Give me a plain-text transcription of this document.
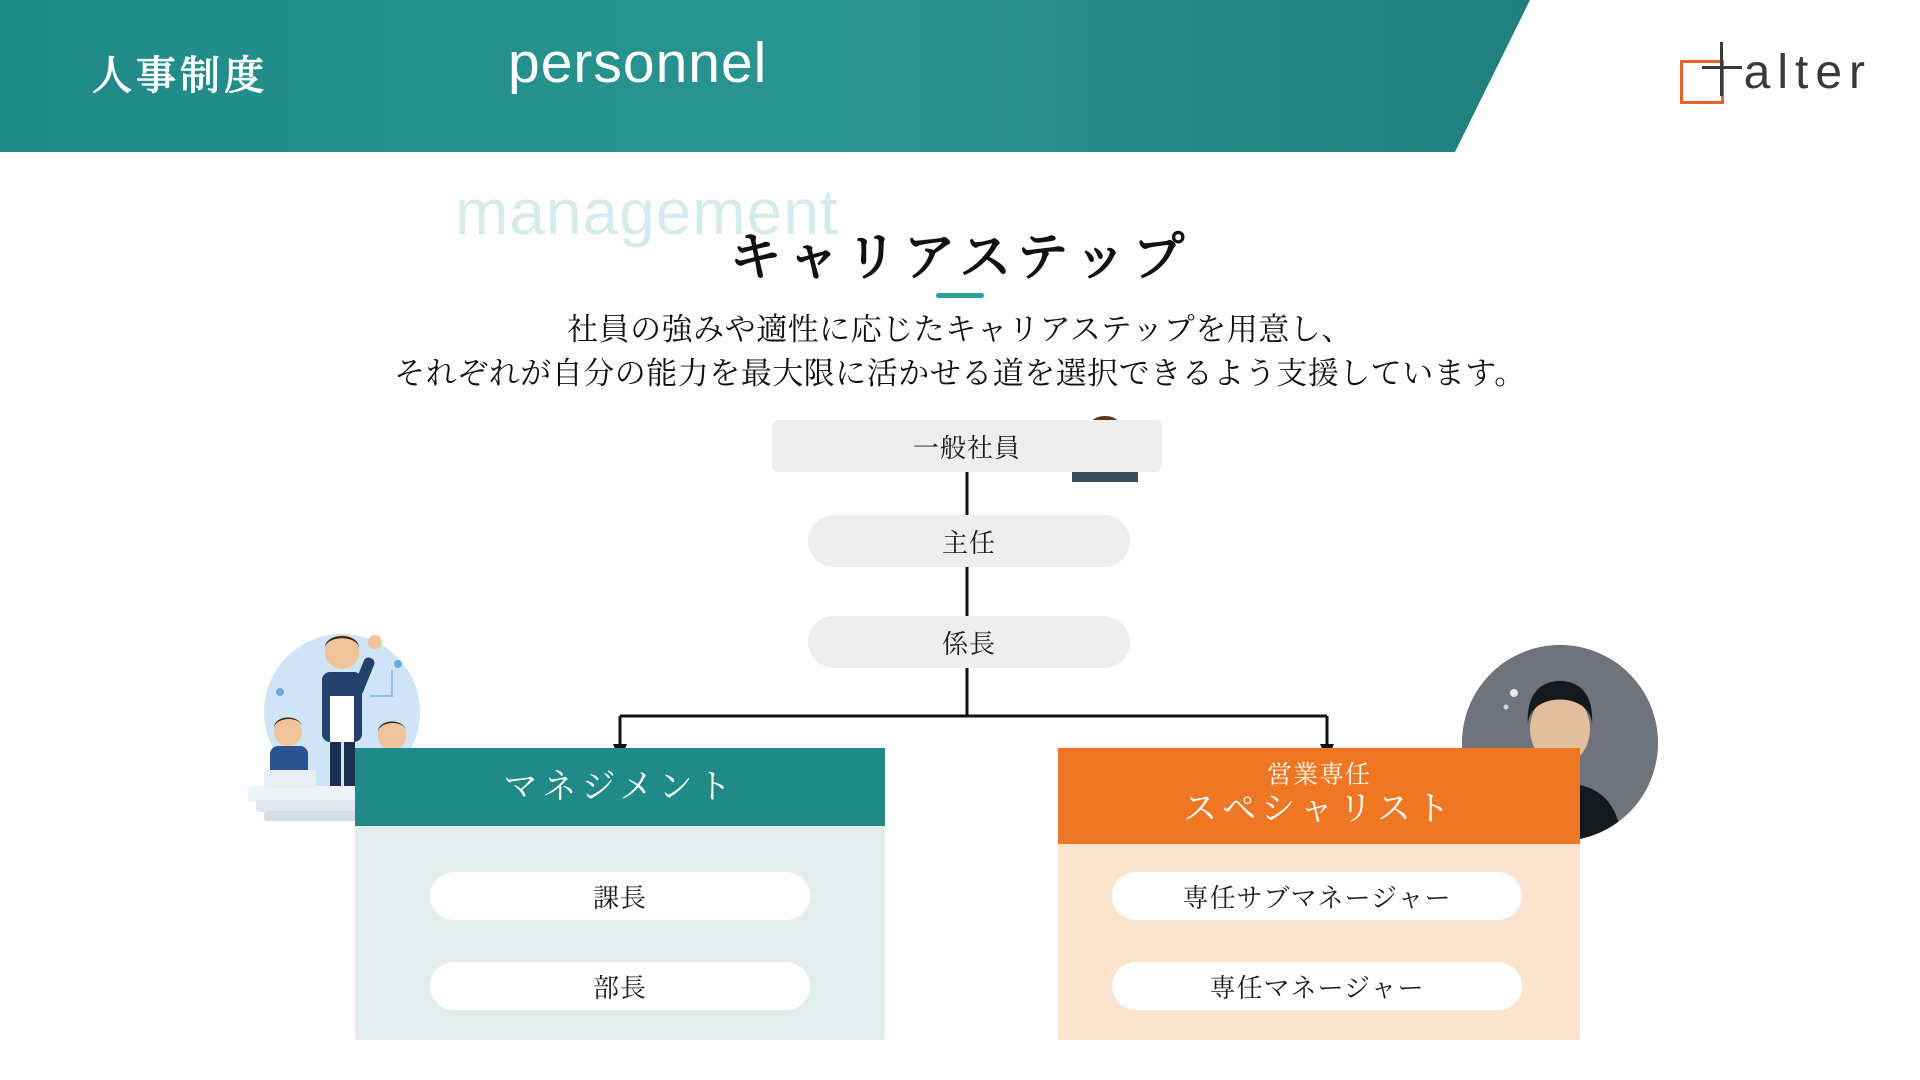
人事制度	personnel	alter
management
キャリアステップ
社員の強みや適性に応じたキャリアステップを用意し、
それぞれが自分の能力を最大限に活かせる道を選択できるよう支援しています。
一般社員
主任
係長
マネジメント
課長
部長
営業専任
スペシャリスト
専任サブマネージャー
専任マネージャー
